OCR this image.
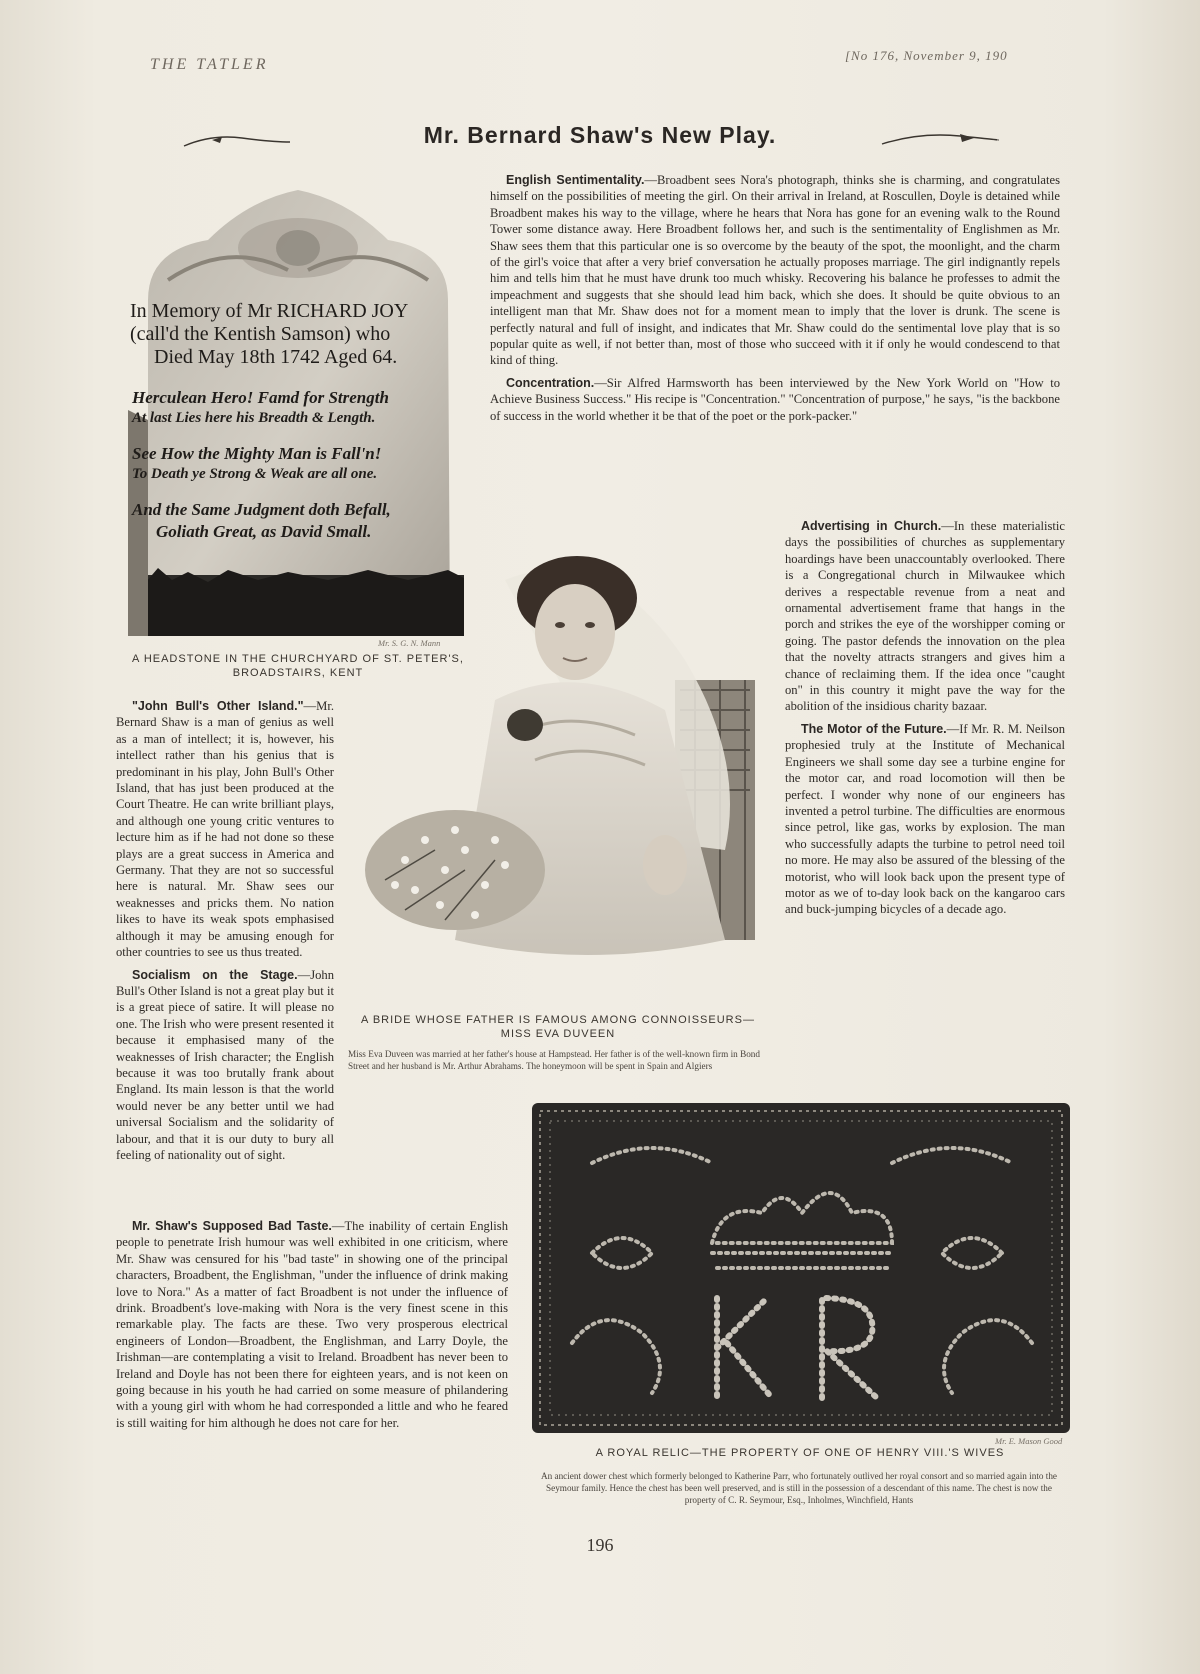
THE TATLER
[No 176, November 9, 190
Mr. Bernard Shaw's New Play.
In Memory of Mr RICHARD JOY
(call'd the Kentish Samson) who
Died May 18th 1742 Aged 64.
Herculean Hero! Famd for Strength
At last Lies here his Breadth & Length.
See How the Mighty Man is Fall'n!
To Death ye Strong & Weak are all one.
And the Same Judgment doth Befall,
Goliath Great, as David Small.
Mr. S. G. N. Mann
A HEADSTONE IN THE CHURCHYARD OF ST. PETER'S,
BROADSTAIRS, KENT
A BRIDE WHOSE FATHER IS FAMOUS AMONG CONNOISSEURS—
MISS EVA DUVEEN
Miss Eva Duveen was married at her father's house at Hampstead. Her father is of the well-known firm in Bond Street and her husband is Mr. Arthur Abrahams. The honeymoon will be spent in Spain and Algiers
Mr. E. Mason Good
A ROYAL RELIC—THE PROPERTY OF ONE OF HENRY VIII.'S WIVES
An ancient dower chest which formerly belonged to Katherine Parr, who fortunately outlived her royal consort and so married again into the Seymour family. Hence the chest has been well preserved, and is still in the possession of a descendant of this name. The chest is now the property of C. R. Seymour, Esq., Inholmes, Winchfield, Hants

English Sentimentality.—Broadbent sees Nora's photograph, thinks she is charming, and congratulates himself on the possibilities of meeting the girl. On their arrival in Ireland, at Roscullen, Doyle is detained while Broadbent makes his way to the village, where he hears that Nora has gone for an evening walk to the Round Tower some distance away. Here Broadbent follows her, and such is the sentimentality of Englishmen as Mr. Shaw sees them that this particular one is so overcome by the beauty of the spot, the moonlight, and the charm of the girl's voice that after a very brief conversation he actually proposes marriage. The girl indignantly repels him and tells him that he must have drunk too much whisky. Recovering his balance he professes to admit the impeachment and suggests that she should lead him back, which she does. It should be quite obvious to an intelligent man that Mr. Shaw does not for a moment mean to imply that the lover is drunk. The scene is perfectly natural and full of insight, and indicates that Mr. Shaw could do the sentimental love play that is so popular quite as well, if not better than, most of those who succeed with it if only he would condescend to that kind of thing.

Concentration.—Sir Alfred Harmsworth has been interviewed by the New York World on "How to Achieve Business Success." His recipe is "Concentration." "Concentration of purpose," he says, "is the backbone of success in the world whether it be that of the poet or the pork-packer."

Advertising in Church.—In these materialistic days the possibilities of churches as supplementary hoardings have been unaccountably overlooked. There is a Congregational church in Milwaukee which derives a respectable revenue from a neat and ornamental advertisement frame that hangs in the porch and strikes the eye of the worshipper coming or going. The pastor defends the innovation on the plea that the novelty attracts strangers and gives him a chance of reclaiming them. If the idea once "caught on" in this country it might pave the way for the abolition of the insidious charity bazaar.

The Motor of the Future.—If Mr. R. M. Neilson prophesied truly at the Institute of Mechanical Engineers we shall some day see a turbine engine for the motor car, and road locomotion will then be perfect. I wonder why none of our engineers has invented a petrol turbine. The difficulties are enormous since petrol, like gas, works by explosion. The man who successfully adapts the turbine to petrol need toil no more. He may also be assured of the blessing of the motorist, who will look back upon the present type of motor as we of to-day look back on the kangaroo cars and buck-jumping bicycles of a decade ago.

"John Bull's Other Island."—Mr. Bernard Shaw is a man of genius as well as a man of intellect; it is, however, his intellect rather than his genius that is predominant in his play, John Bull's Other Island, that has just been produced at the Court Theatre. He can write brilliant plays, and although one young critic ventures to lecture him as if he had not done so these plays are a great success in America and Germany. That they are not so successful here is natural. Mr. Shaw sees our weaknesses and pricks them. No nation likes to have its weak spots emphasised although it may be amusing enough for other countries to see us thus treated.

Socialism on the Stage.—John Bull's Other Island is not a great play but it is a great piece of satire. It will please no one. The Irish who were present resented it because it emphasised many of the weaknesses of Irish character; the English because it was too brutally frank about England. Its main lesson is that the world would never be any better until we had universal Socialism and the solidarity of labour, and that it is our duty to bury all feeling of nationality out of sight.

Mr. Shaw's Supposed Bad Taste.—The inability of certain English people to penetrate Irish humour was well exhibited in one criticism, where Mr. Shaw was censured for his "bad taste" in showing one of the principal characters, Broadbent, the Englishman, "under the influence of drink making love to Nora." As a matter of fact Broadbent is not under the influence of drink. Broadbent's love-making with Nora is the very finest scene in this remarkable play. The facts are these. Two very prosperous electrical engineers of London—Broadbent, the Englishman, and Larry Doyle, the Irishman—are contemplating a visit to Ireland. Broadbent has never been to Ireland and Doyle has not been there for eighteen years, and is not keen on going because in his youth he had carried on some measure of philandering with a young girl with whom he had corresponded a little and who he feared is still waiting for him although he does not care for her.

196
